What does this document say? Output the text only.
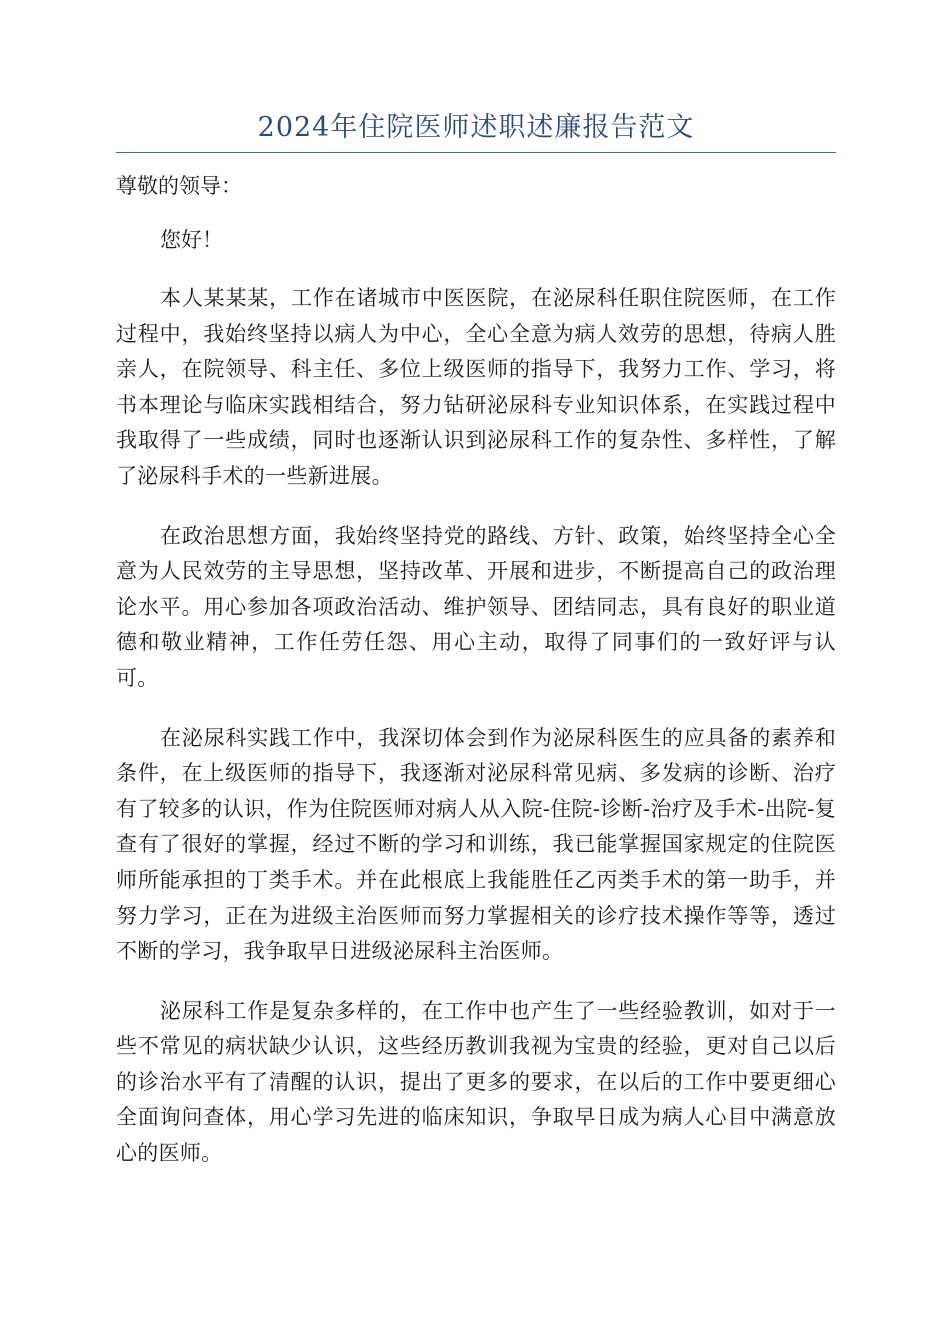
2024年住院医师述职述廉报告范文

尊敬的领导：

您好！

本人某某某，工作在诸城市中医医院，在泌尿科任职住院医师，在工作过程中，我始终坚持以病人为中心，全心全意为病人效劳的思想，待病人胜亲人，在院领导、科主任、多位上级医师的指导下，我努力工作、学习，将书本理论与临床实践相结合，努力钻研泌尿科专业知识体系，在实践过程中我取得了一些成绩，同时也逐渐认识到泌尿科工作的复杂性、多样性，了解了泌尿科手术的一些新进展。

在政治思想方面，我始终坚持党的路线、方针、政策，始终坚持全心全意为人民效劳的主导思想，坚持改革、开展和进步，不断提高自己的政治理论水平。用心参加各项政治活动、维护领导、团结同志，具有良好的职业道德和敬业精神，工作任劳任怨、用心主动，取得了同事们的一致好评与认可。

在泌尿科实践工作中，我深切体会到作为泌尿科医生的应具备的素养和条件，在上级医师的指导下，我逐渐对泌尿科常见病、多发病的诊断、治疗有了较多的认识，作为住院医师对病人从入院-住院-诊断-治疗及手术-出院-复查有了很好的掌握，经过不断的学习和训练，我已能掌握国家规定的住院医师所能承担的丁类手术。并在此根底上我能胜任乙丙类手术的第一助手，并努力学习，正在为进级主治医师而努力掌握相关的诊疗技术操作等等，透过不断的学习，我争取早日进级泌尿科主治医师。

泌尿科工作是复杂多样的，在工作中也产生了一些经验教训，如对于一些不常见的病状缺少认识，这些经历教训我视为宝贵的经验，更对自己以后的诊治水平有了清醒的认识，提出了更多的要求，在以后的工作中要更细心全面询问查体，用心学习先进的临床知识，争取早日成为病人心目中满意放心的医师。
